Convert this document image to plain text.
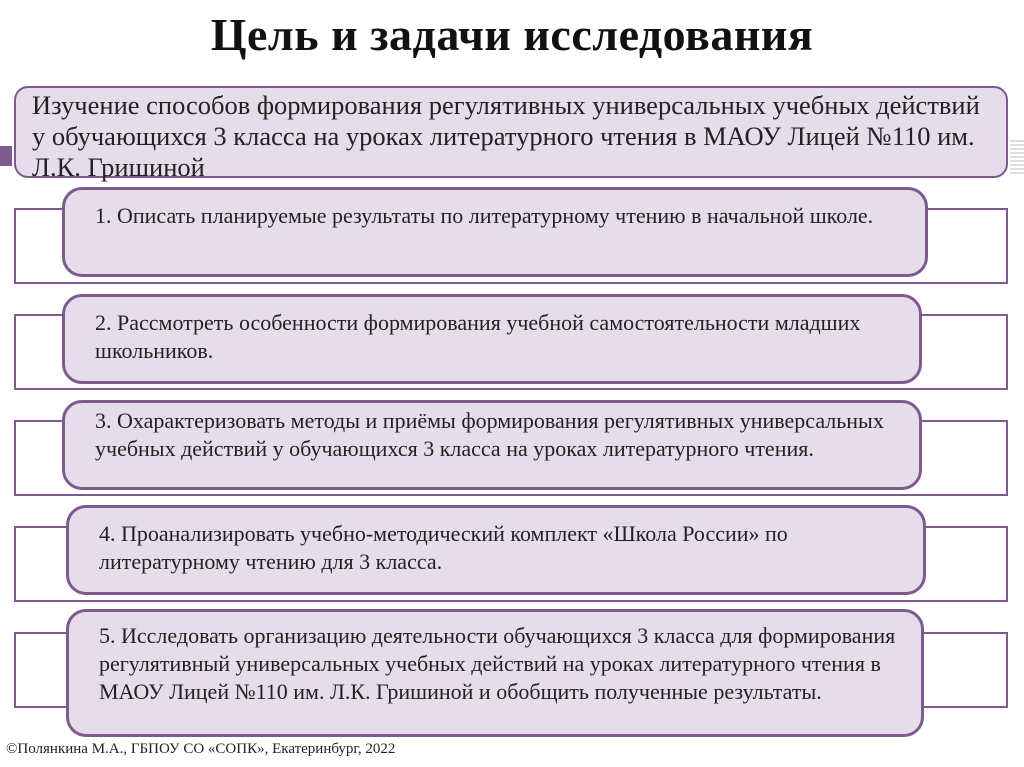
Цель и задачи исследования
Изучение способов формирования регулятивных универсальных учебных действий у обучающихся 3 класса на уроках литературного чтения в МАОУ Лицей №110 им. Л.К. Гришиной
1. Описать планируемые результаты по литературному чтению в начальной школе.
2. Рассмотреть особенности формирования учебной самостоятельности младших школьников.
3. Охарактеризовать методы и приёмы формирования регулятивных универсальных учебных действий у обучающихся 3 класса на уроках литературного чтения.
4. Проанализировать учебно-методический комплект «Школа России» по литературному чтению для 3 класса.
5. Исследовать организацию деятельности обучающихся 3 класса для формирования регулятивный универсальных учебных действий на уроках литературного чтения в МАОУ Лицей №110 им. Л.К. Гришиной и обобщить полученные результаты.
©Полянкина М.А., ГБПОУ СО «СОПК», Екатеринбург, 2022
